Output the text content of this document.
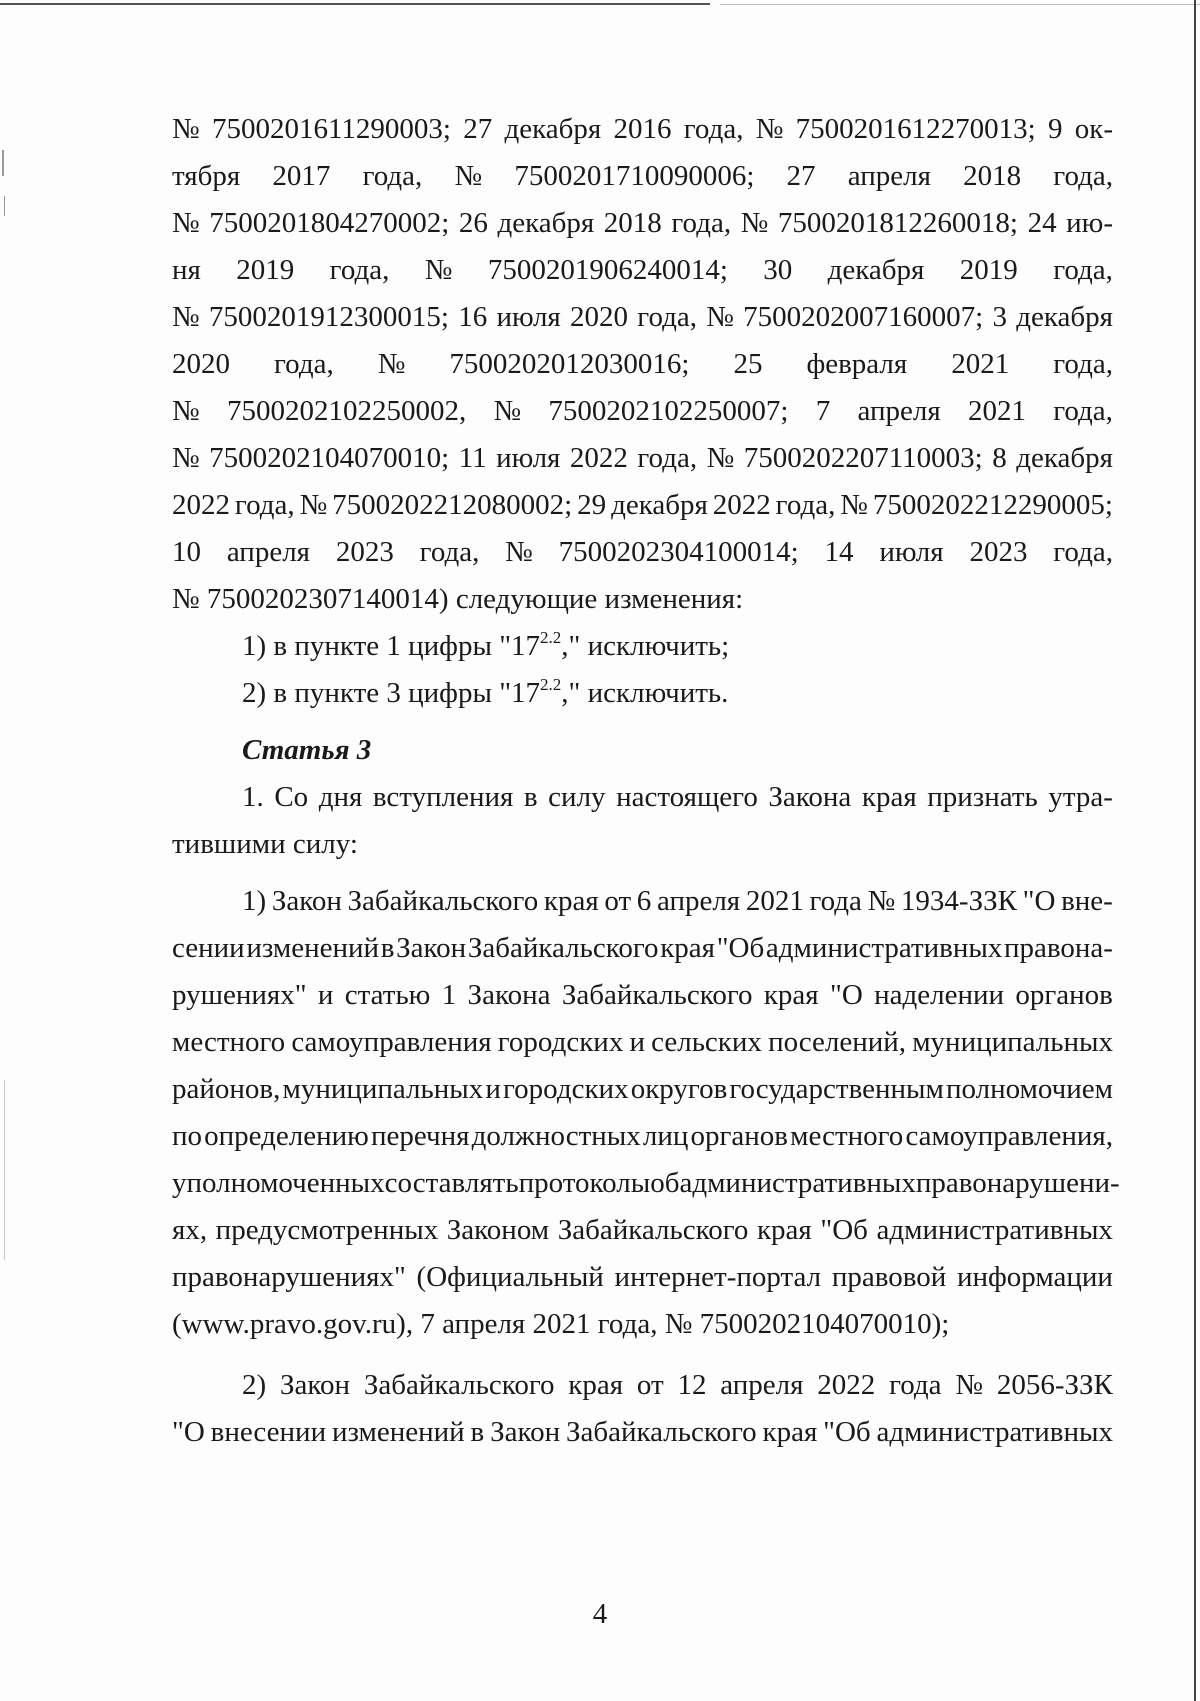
№ 7500201611290003; 27 декабря 2016 года, № 7500201612270013; 9 ок-
тября 2017 года, № 7500201710090006; 27 апреля 2018 года,
№ 7500201804270002; 26 декабря 2018 года, № 7500201812260018; 24 ию-
ня 2019 года, № 7500201906240014; 30 декабря 2019 года,
№ 7500201912300015; 16 июля 2020 года, № 7500202007160007; 3 декабря
2020 года, № 7500202012030016; 25 февраля 2021 года,
№ 7500202102250002, № 7500202102250007; 7 апреля 2021 года,
№ 7500202104070010; 11 июля 2022 года, № 7500202207110003; 8 декабря
2022 года, № 7500202212080002; 29 декабря 2022 года, № 7500202212290005;
10 апреля 2023 года, № 7500202304100014; 14 июля 2023 года,
№ 7500202307140014) следующие изменения:
1) в пункте 1 цифры "$17^{2.2}$," исключить;
2) в пункте 3 цифры "$17^{2.2}$," исключить.
Статья 3
1. Со дня вступления в силу настоящего Закона края признать утра-
тившими силу:
1) Закон Забайкальского края от 6 апреля 2021 года № 1934-ЗЗК "О вне-
сении изменений в Закон Забайкальского края "Об административных правона-
рушениях" и статью 1 Закона Забайкальского края "О наделении органов
местного самоуправления городских и сельских поселений, муниципальных
районов, муниципальных и городских округов государственным полномочием
по определению перечня должностных лиц органов местного самоуправления,
уполномоченных составлять протоколы об административных правонарушени-
ях, предусмотренных Законом Забайкальского края "Об административных
правонарушениях" (Официальный интернет-портал правовой информации
(www.pravo.gov.ru), 7 апреля 2021 года, № 7500202104070010);
2) Закон Забайкальского края от 12 апреля 2022 года № 2056-ЗЗК
"О внесении изменений в Закон Забайкальского края "Об административных
4
